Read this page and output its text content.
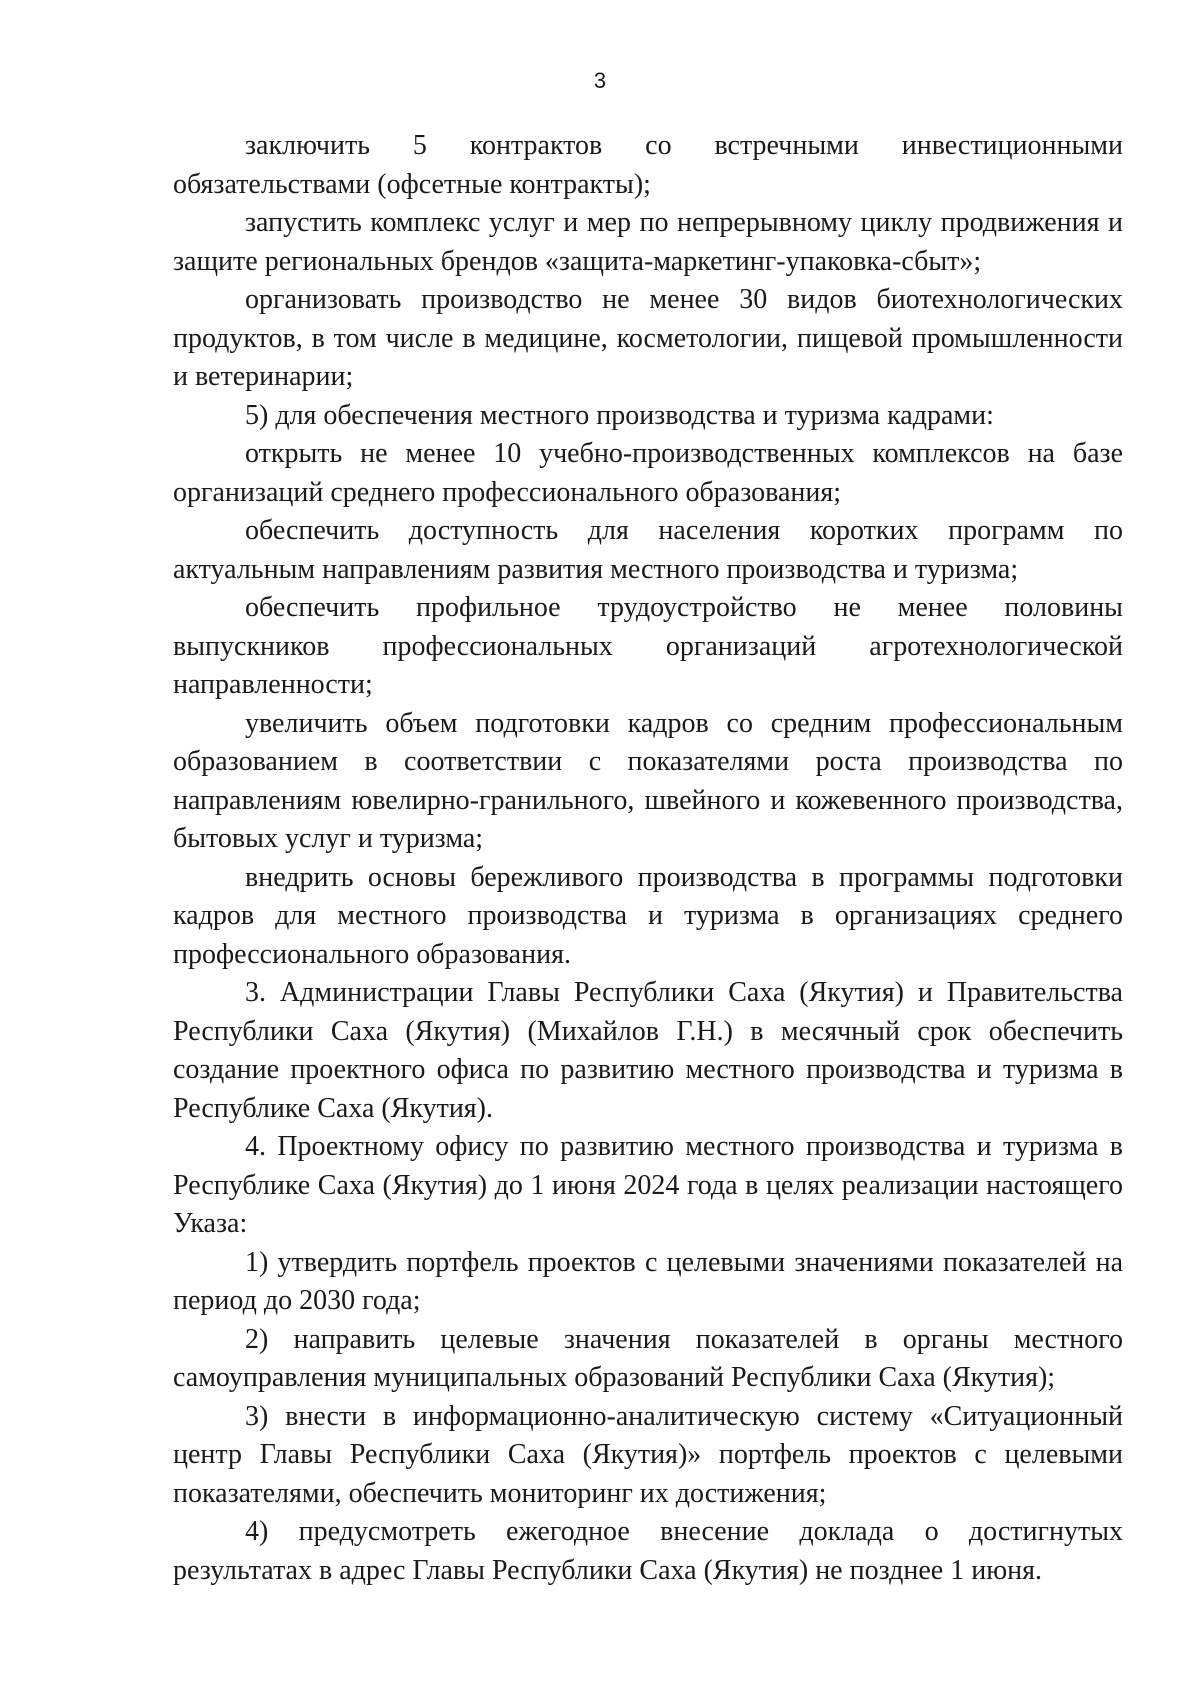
3

заключить 5 контрактов со встречными инвестиционными обязательствами (офсетные контракты);

запустить комплекс услуг и мер по непрерывному циклу продвижения и защите региональных брендов «защита-маркетинг-упаковка-сбыт»;

организовать производство не менее 30 видов биотехнологических продуктов, в том числе в медицине, косметологии, пищевой промышленности и ветеринарии;

5) для обеспечения местного производства и туризма кадрами:

открыть не менее 10 учебно-производственных комплексов на базе организаций среднего профессионального образования;

обеспечить доступность для населения коротких программ по актуальным направлениям развития местного производства и туризма;

обеспечить профильное трудоустройство не менее половины выпускников профессиональных организаций агротехнологической направленности;

увеличить объем подготовки кадров со средним профессиональным образованием в соответствии с показателями роста производства по направлениям ювелирно-гранильного, швейного и кожевенного производства, бытовых услуг и туризма;

внедрить основы бережливого производства в программы подготовки кадров для местного производства и туризма в организациях среднего профессионального образования.

3. Администрации Главы Республики Саха (Якутия) и Правительства Республики Саха (Якутия) (Михайлов Г.Н.) в месячный срок обеспечить создание проектного офиса по развитию местного производства и туризма в Республике Саха (Якутия).

4. Проектному офису по развитию местного производства и туризма в Республике Саха (Якутия) до 1 июня 2024 года в целях реализации настоящего Указа:

1) утвердить портфель проектов с целевыми значениями показателей на период до 2030 года;

2) направить целевые значения показателей в органы местного самоуправления муниципальных образований Республики Саха (Якутия);

3) внести в информационно-аналитическую систему «Ситуационный центр Главы Республики Саха (Якутия)» портфель проектов с целевыми показателями, обеспечить мониторинг их достижения;

4) предусмотреть ежегодное внесение доклада о достигнутых результатах в адрес Главы Республики Саха (Якутия) не позднее 1 июня.
